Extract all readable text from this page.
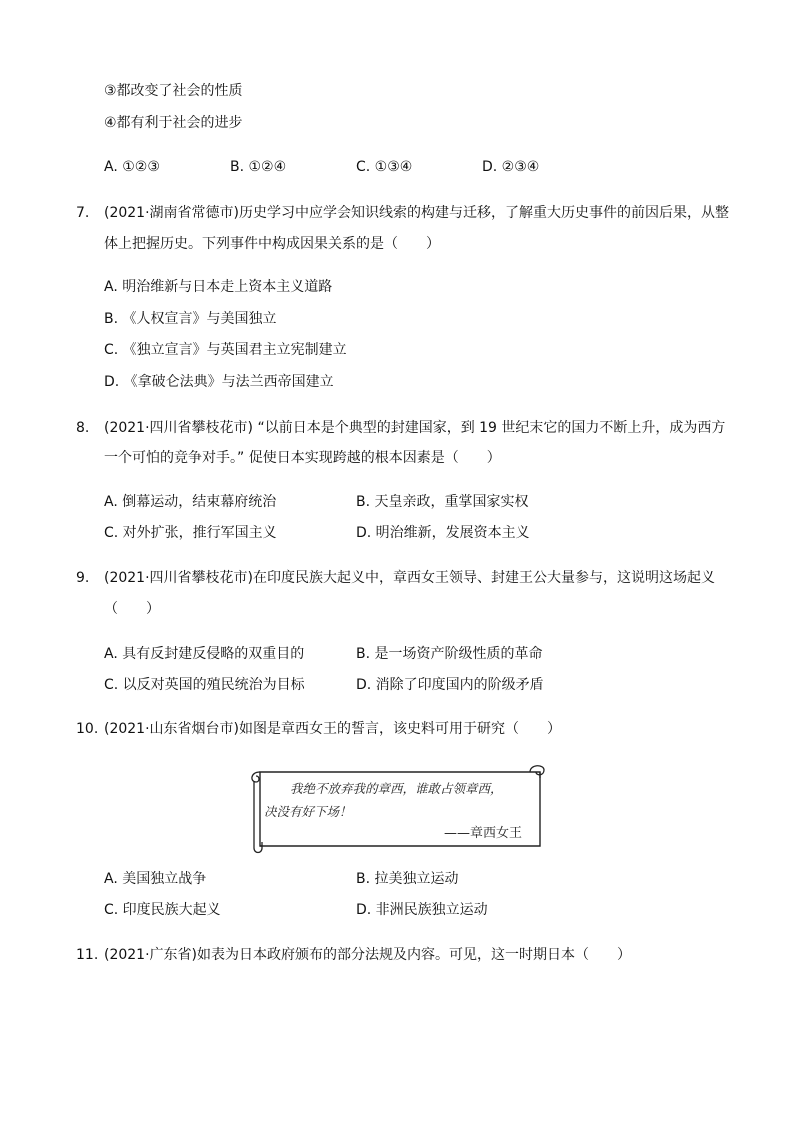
③都改变了社会的性质
④都有利于社会的进步
A. ①②③	B. ①②④	C. ①③④	D. ②③④
7. (2021·湖南省常德市)历史学习中应学会知识线索的构建与迁移，了解重大历史事件的前因后果，从整
体上把握历史。下列事件中构成因果关系的是（　　）
A. 明治维新与日本走上资本主义道路
B. 《人权宣言》与美国独立
C. 《独立宣言》与英国君主立宪制建立
D. 《拿破仑法典》与法兰西帝国建立
8. (2021·四川省攀枝花市) “以前日本是个典型的封建国家，到 19 世纪末它的国力不断上升，成为西方
一个可怕的竞争对手。” 促使日本实现跨越的根本因素是（　　）
A. 倒幕运动，结束幕府统治	B. 天皇亲政，重掌国家实权
C. 对外扩张，推行军国主义	D. 明治维新，发展资本主义
9. (2021·四川省攀枝花市)在印度民族大起义中，章西女王领导、封建王公大量参与，这说明这场起义
（　　）
A. 具有反封建反侵略的双重目的	B. 是一场资产阶级性质的革命
C. 以反对英国的殖民统治为目标	D. 消除了印度国内的阶级矛盾
10. (2021·山东省烟台市)如图是章西女王的誓言，该史料可用于研究（　　）
我绝不放弃我的章西，谁敢占领章西，
决没有好下场！
——章西女王
A. 美国独立战争	B. 拉美独立运动
C. 印度民族大起义	D. 非洲民族独立运动
11. (2021·广东省)如表为日本政府颁布的部分法规及内容。可见，这一时期日本（　　）
